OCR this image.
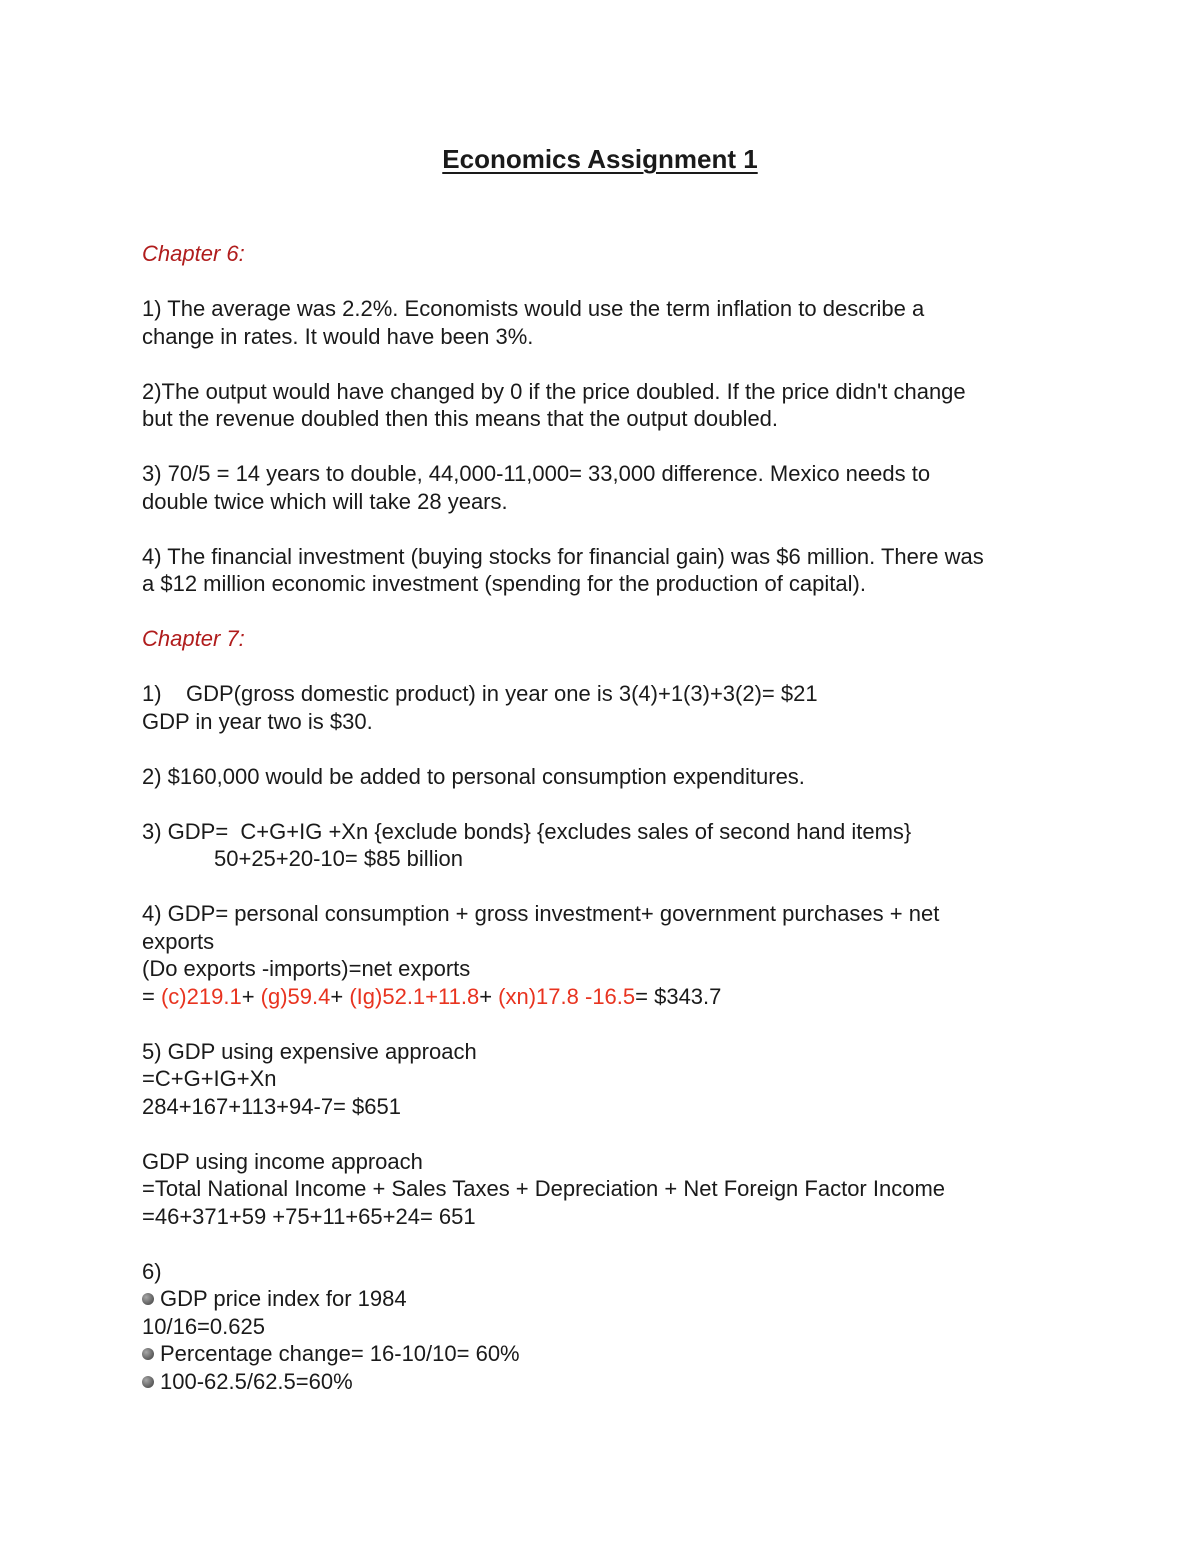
Economics Assignment 1
Chapter 6:
1) The average was 2.2%. Economists would use the term inflation to describe a
change in rates. It would have been 3%.
2)The output would have changed by 0 if the price doubled. If the price didn't change
but the revenue doubled then this means that the output doubled.
3) 70/5 = 14 years to double, 44,000-11,000= 33,000 difference. Mexico needs to
double twice which will take 28 years.
4) The financial investment (buying stocks for financial gain) was $6 million. There was
a $12 million economic investment (spending for the production of capital).
Chapter 7:
1)    GDP(gross domestic product) in year one is 3(4)+1(3)+3(2)= $21
GDP in year two is $30.
2) $160,000 would be added to personal consumption expenditures.
3) GDP=  C+G+IG +Xn {exclude bonds} {excludes sales of second hand items}
50+25+20-10= $85 billion
4) GDP= personal consumption + gross investment+ government purchases + net
exports
(Do exports -imports)=net exports
= (c)219.1+ (g)59.4+ (Ig)52.1+11.8+ (xn)17.8 -16.5= $343.7
5) GDP using expensive approach
=C+G+IG+Xn
284+167+113+94-7= $651
GDP using income approach
=Total National Income + Sales Taxes + Depreciation + Net Foreign Factor Income
=46+371+59 +75+11+65+24= 651
6)
GDP price index for 1984
10/16=0.625
Percentage change= 16-10/10= 60%
100-62.5/62.5=60%
